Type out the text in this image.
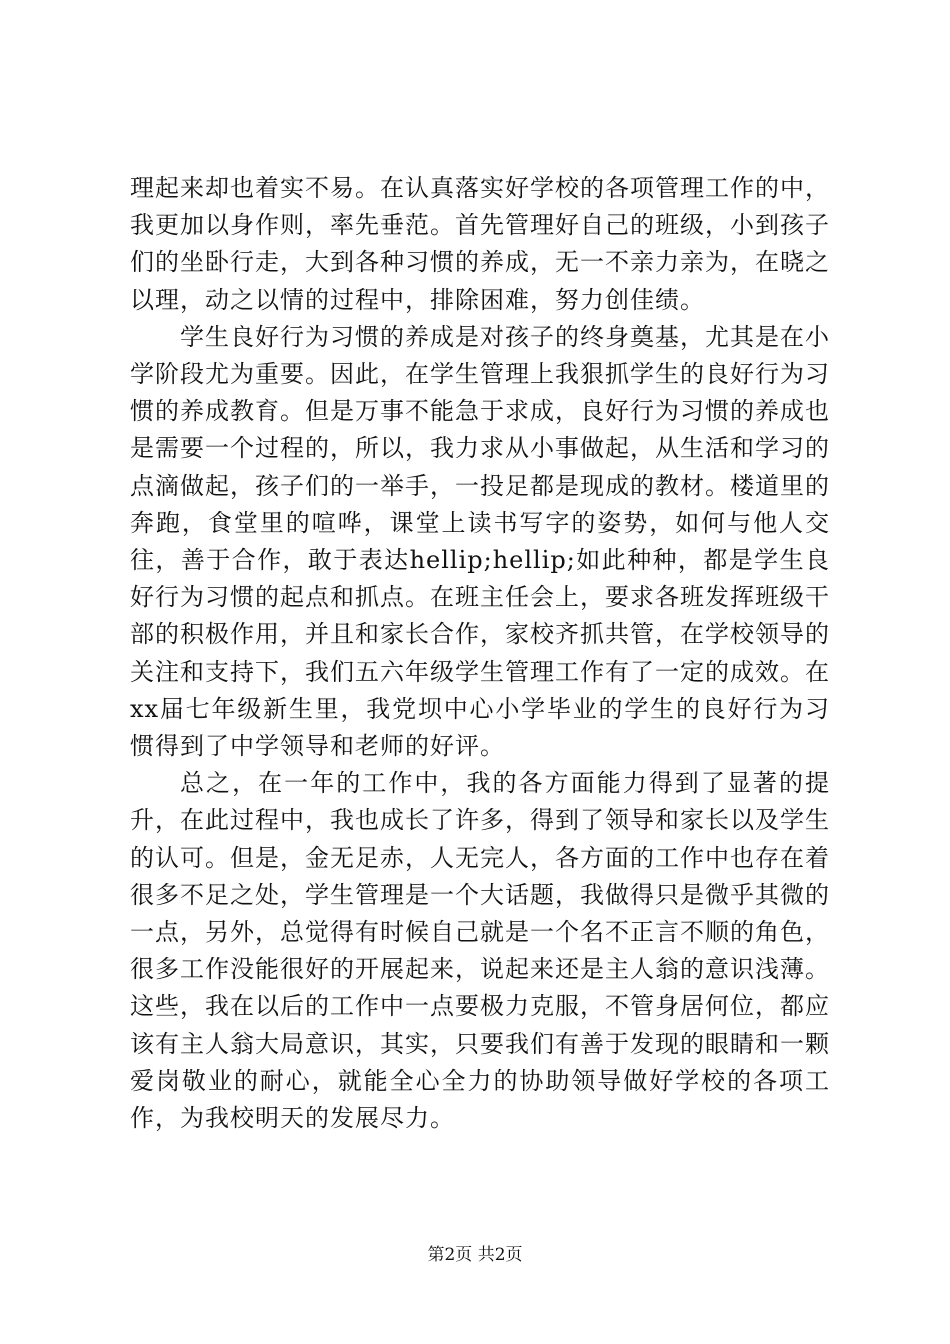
理起来却也着实不易。在认真落实好学校的各项管理工作的中，我更加以身作则，率先垂范。首先管理好自己的班级，小到孩子们的坐卧行走，大到各种习惯的养成，无一不亲力亲为，在晓之以理，动之以情的过程中，排除困难，努力创佳绩。

学生良好行为习惯的养成是对孩子的终身奠基，尤其是在小学阶段尤为重要。因此，在学生管理上我狠抓学生的良好行为习惯的养成教育。但是万事不能急于求成，良好行为习惯的养成也是需要一个过程的，所以，我力求从小事做起，从生活和学习的点滴做起，孩子们的一举手，一投足都是现成的教材。楼道里的奔跑，食堂里的喧哗，课堂上读书写字的姿势，如何与他人交往，善于合作，敢于表达hellip;hellip;如此种种，都是学生良好行为习惯的起点和抓点。在班主任会上，要求各班发挥班级干部的积极作用，并且和家长合作，家校齐抓共管，在学校领导的关注和支持下，我们五六年级学生管理工作有了一定的成效。在xx届七年级新生里，我党坝中心小学毕业的学生的良好行为习惯得到了中学领导和老师的好评。

总之，在一年的工作中，我的各方面能力得到了显著的提升，在此过程中，我也成长了许多，得到了领导和家长以及学生的认可。但是，金无足赤，人无完人，各方面的工作中也存在着很多不足之处，学生管理是一个大话题，我做得只是微乎其微的一点，另外，总觉得有时候自己就是一个名不正言不顺的角色，很多工作没能很好的开展起来，说起来还是主人翁的意识浅薄。这些，我在以后的工作中一点要极力克服，不管身居何位，都应该有主人翁大局意识，其实，只要我们有善于发现的眼睛和一颗爱岗敬业的耐心，就能全心全力的协助领导做好学校的各项工作，为我校明天的发展尽力。

第2页 共2页
